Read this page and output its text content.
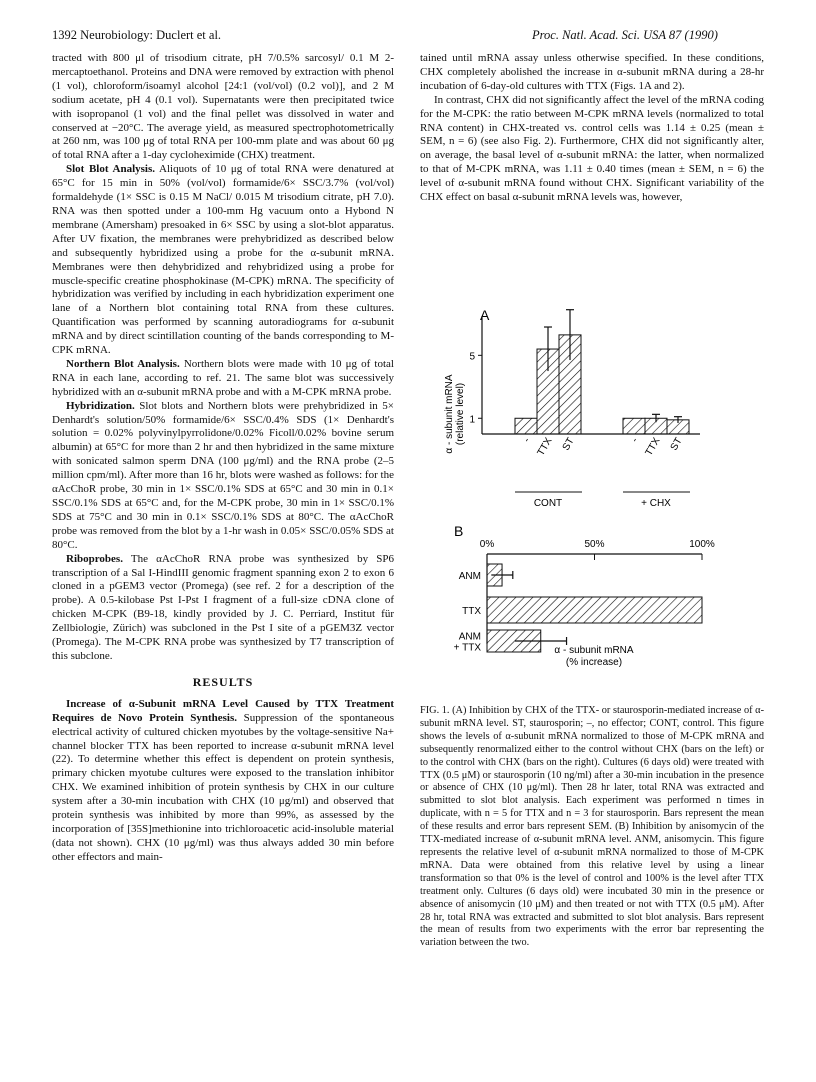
1392 Neurobiology: Duclert et al.	Proc. Natl. Acad. Sci. USA 87 (1990)

tracted with 800 μl of trisodium citrate, pH 7/0.5% sarcosyl/ 0.1 M 2-mercaptoethanol. Proteins and DNA were removed by extraction with phenol (1 vol), chloroform/isoamyl alcohol [24:1 (vol/vol) (0.2 vol)], and 2 M sodium acetate, pH 4 (0.1 vol). Supernatants were then precipitated twice with isopropanol (1 vol) and the final pellet was dissolved in water and conserved at −20°C. The average yield, as measured spectrophotometrically at 260 nm, was 100 μg of total RNA per 100-mm plate and was about 60 μg of total RNA after a 1-day cycloheximide (CHX) treatment.

Slot Blot Analysis. Aliquots of 10 μg of total RNA were denatured at 65°C for 15 min in 50% (vol/vol) formamide/6× SSC/3.7% (vol/vol) formaldehyde (1× SSC is 0.15 M NaCl/ 0.015 M trisodium citrate, pH 7.0). RNA was then spotted under a 100-mm Hg vacuum onto a Hybond N membrane (Amersham) presoaked in 6× SSC by using a slot-blot apparatus. After UV fixation, the membranes were prehybridized as described below and subsequently hybridized using a probe for the α-subunit mRNA. Membranes were then dehybridized and rehybridized using a probe for muscle-specific creatine phosphokinase (M-CPK) mRNA. The specificity of hybridization was verified by including in each hybridization experiment one lane of a Northern blot containing total RNA from these cultures. Quantification was performed by scanning autoradiograms for α-subunit mRNA and by direct scintillation counting of the bands corresponding to M-CPK mRNA.

Northern Blot Analysis. Northern blots were made with 10 μg of total RNA in each lane, according to ref. 21. The same blot was successively hybridized with an α-subunit mRNA probe and with a M-CPK mRNA probe.

Hybridization. Slot blots and Northern blots were prehybridized in 5× Denhardt's solution/50% formamide/6× SSC/0.4% SDS (1× Denhardt's solution = 0.02% polyvinylpyrrolidone/0.02% Ficoll/0.02% bovine serum albumin) at 65°C for more than 2 hr and then hybridized in the same mixture with sonicated salmon sperm DNA (100 μg/ml) and the RNA probe (2–5 million cpm/ml). After more than 16 hr, blots were washed as follows: for the αAcChoR probe, 30 min in 1× SSC/0.1% SDS at 65°C and 30 min in 0.1× SSC/0.1% SDS at 65°C and, for the M-CPK probe, 30 min in 1× SSC/0.1% SDS at 75°C and 30 min in 0.1× SSC/0.1% SDS at 80°C. The αAcChoR probe was removed from the blot by a 1-hr wash in 0.05× SSC/0.05% SDS at 80°C.

Riboprobes. The αAcChoR RNA probe was synthesized by SP6 transcription of a Sal I-HindIII genomic fragment spanning exon 2 to exon 6 cloned in a pGEM3 vector (Promega) (see ref. 2 for a description of the probe). A 0.5-kilobase Pst I-Pst I fragment of a full-size cDNA clone of chicken M-CPK (B9-18, kindly provided by J. C. Perriard, Institut für Zellbiologie, Zürich) was subcloned in the Pst I site of a pGEM3Z vector (Promega). The M-CPK RNA probe was synthesized by T7 transcription of this subclone.

RESULTS

Increase of α-Subunit mRNA Level Caused by TTX Treatment Requires de Novo Protein Synthesis. Suppression of the spontaneous electrical activity of cultured chicken myotubes by the voltage-sensitive Na+ channel blocker TTX has been reported to increase α-subunit mRNA level (22). To determine whether this effect is dependent on protein synthesis, primary chicken myotube cultures were exposed to the translation inhibitor CHX. We examined inhibition of protein synthesis by CHX in our culture system after a 30-min incubation with CHX (10 μg/ml) and observed that protein synthesis was inhibited by more than 99%, as assessed by the incorporation of [35S]methionine into trichloroacetic acid-insoluble material (data not shown). CHX (10 μg/ml) was thus always added 30 min before other effectors and main-

tained until mRNA assay unless otherwise specified. In these conditions, CHX completely abolished the increase in α-subunit mRNA during a 28-hr incubation of 6-day-old cultures with TTX (Figs. 1A and 2).

In contrast, CHX did not significantly affect the level of the mRNA coding for the M-CPK: the ratio between M-CPK mRNA levels (normalized to total RNA content) in CHX-treated vs. control cells was 1.14 ± 0.25 (mean ± SEM, n = 6) (see also Fig. 2). Furthermore, CHX did not significantly alter, on average, the basal level of α-subunit mRNA: the latter, when normalized to that of M-CPK mRNA, was 1.11 ± 0.40 times (mean ± SEM, n = 6) the level of α-subunit mRNA found without CHX. Significant variability of the CHX effect on basal α-subunit mRNA levels was, however,

A
α - subunit mRNA (relative level) 1
5
- TTX ST	- TTX ST
CONT	+ CHX
B
0%	50%	100%
ANM
TTX
ANM
+ TTX	α - subunit mRNA
(% increase)
FIG. 1. (A) Inhibition by CHX of the TTX- or staurosporin-mediated increase of α-subunit mRNA level. ST, staurosporin; –, no effector; CONT, control. This figure shows the levels of α-subunit mRNA normalized to those of M-CPK mRNA and subsequently renormalized either to the control without CHX (bars on the left) or to the control with CHX (bars on the right). Cultures (6 days old) were treated with TTX (0.5 μM) or staurosporin (10 ng/ml) after a 30-min incubation in the presence or absence of CHX (10 μg/ml). Then 28 hr later, total RNA was extracted and submitted to slot blot analysis. Each experiment was performed n times in duplicate, with n = 5 for TTX and n = 3 for staurosporin. Bars represent the mean of these results and error bars represent SEM. (B) Inhibition by anisomycin of the TTX-mediated increase of α-subunit mRNA level. ANM, anisomycin. This figure represents the relative level of α-subunit mRNA normalized to those of M-CPK mRNA. Data were obtained from this relative level by using a linear transformation so that 0% is the level of control and 100% is the level after TTX treatment only. Cultures (6 days old) were incubated 30 min in the presence or absence of anisomycin (10 μM) and then treated or not with TTX (0.5 μM). After 28 hr, total RNA was extracted and submitted to slot blot analysis. Bars represent the mean of results from two experiments with the error bar representing the variation between the two.
